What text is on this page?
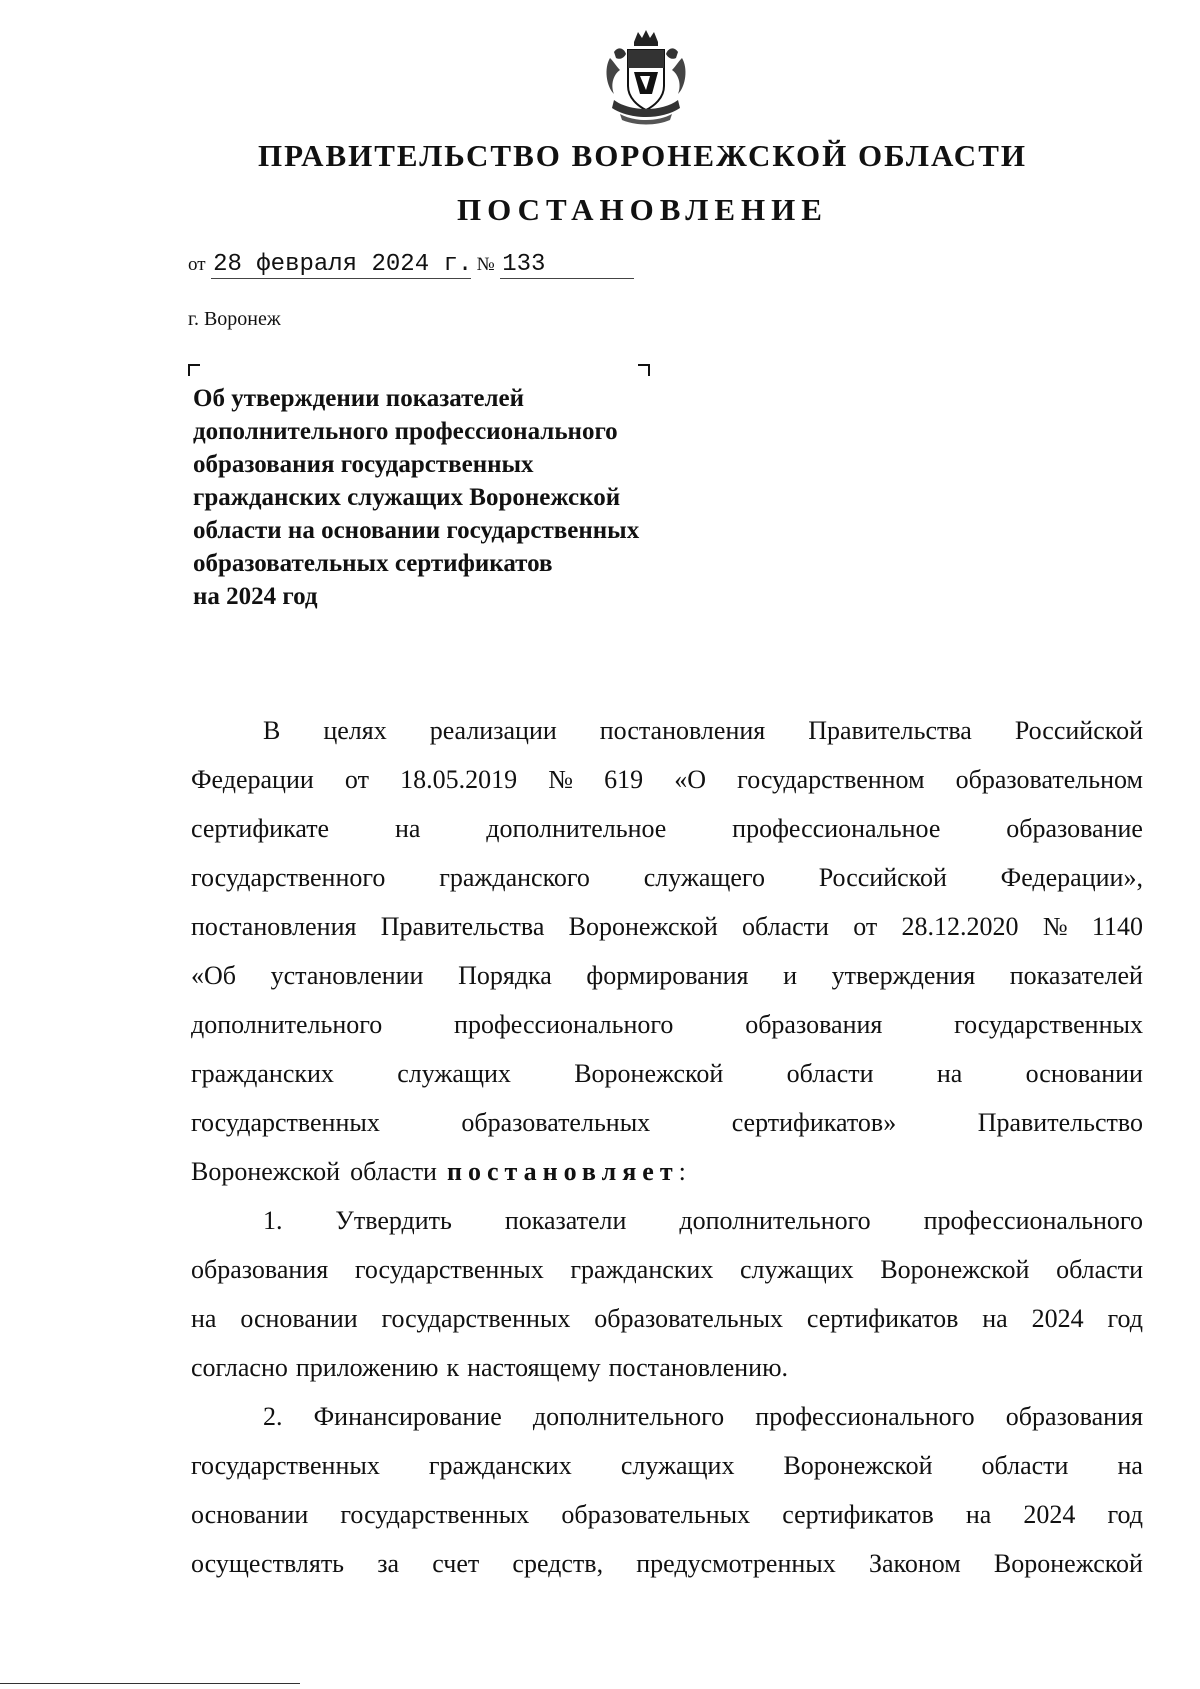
ПРАВИТЕЛЬСТВО ВОРОНЕЖСКОЙ ОБЛАСТИ
ПОСТАНОВЛЕНИЕ
от 28 февраля 2024 г. № 133
г. Воронеж
Об утверждении показателей
дополнительного профессионального
образования государственных
гражданских служащих Воронежской
области на основании государственных
образовательных сертификатов
на 2024 год
В целях реализации постановления Правительства Российской
Федерации от 18.05.2019 № 619 «О государственном образовательном
сертификате	на	дополнительное	профессиональное	образование
государственного гражданского служащего Российской Федерации»,
постановления Правительства Воронежской области от 28.12.2020 № 1140
«Об установлении Порядка формирования и утверждения показателей
дополнительного	профессионального	образования	государственных
гражданских служащих Воронежской области на основании
государственных	образовательных	сертификатов»	Правительство
Воронежской области постановляет :
1. Утвердить показатели дополнительного профессионального
образования государственных гражданских служащих Воронежской области
на основании государственных образовательных сертификатов на 2024 год
согласно приложению к настоящему постановлению.
2. Финансирование дополнительного профессионального образования
государственных гражданских служащих Воронежской области на
основании государственных образовательных сертификатов на 2024 год
осуществлять за счет средств, предусмотренных Законом Воронежской
